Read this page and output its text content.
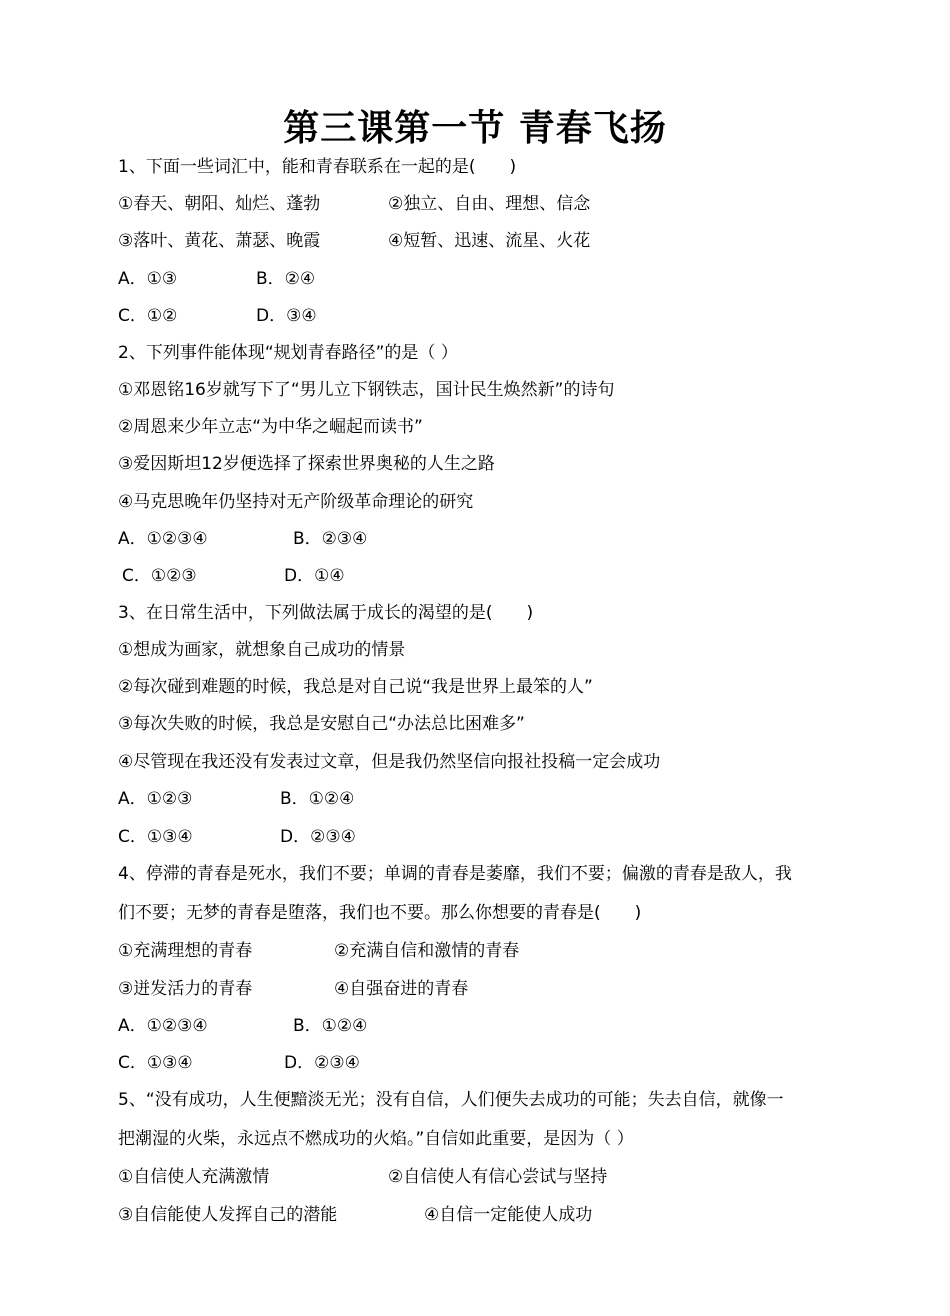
第三课第一节 青春飞扬
1、下面一些词汇中，能和青春联系在一起的是(　　)
①春天、朝阳、灿烂、蓬勃	②独立、自由、理想、信念
③落叶、黄花、萧瑟、晚霞	④短暂、迅速、流星、火花
A．①③	B．②④
C．①②	D．③④
2、下列事件能体现“规划青春路径”的是（ ）
①邓恩铭16岁就写下了“男儿立下钢铁志，国计民生焕然新”的诗句
②周恩来少年立志“为中华之崛起而读书”
③爱因斯坦12岁便选择了探索世界奥秘的人生之路
④马克思晚年仍坚持对无产阶级革命理论的研究
A．①②③④	B．②③④
C．①②③	D．①④
3、在日常生活中，下列做法属于成长的渴望的是(　　)
①想成为画家，就想象自己成功的情景
②每次碰到难题的时候，我总是对自己说“我是世界上最笨的人”
③每次失败的时候，我总是安慰自己“办法总比困难多”
④尽管现在我还没有发表过文章，但是我仍然坚信向报社投稿一定会成功
A．①②③	B．①②④
C．①③④	D．②③④
4、停滞的青春是死水，我们不要；单调的青春是萎靡，我们不要；偏激的青春是敌人，我
们不要；无梦的青春是堕落，我们也不要。那么你想要的青春是(　　)
①充满理想的青春	②充满自信和激情的青春
③迸发活力的青春	④自强奋进的青春
A．①②③④	B．①②④
C．①③④	D．②③④
5、“没有成功，人生便黯淡无光；没有自信，人们便失去成功的可能；失去自信，就像一
把潮湿的火柴，永远点不燃成功的火焰。”自信如此重要，是因为（ ）
①自信使人充满激情	②自信使人有信心尝试与坚持
③自信能使人发挥自己的潜能	④自信一定能使人成功
